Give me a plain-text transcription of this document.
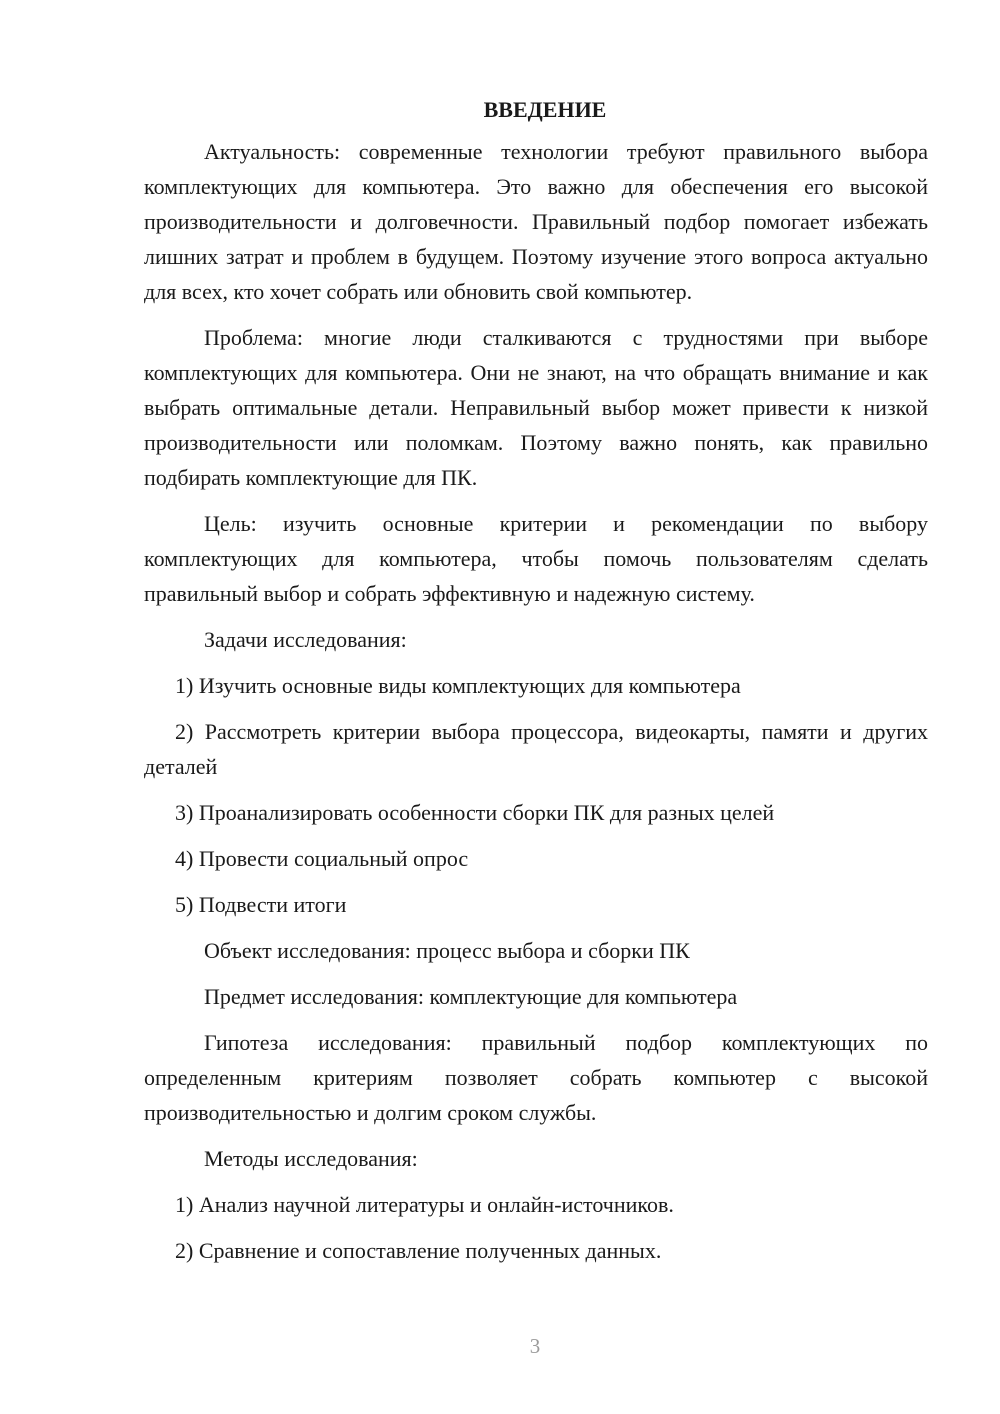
ВВЕДЕНИЕ

Актуальность: современные технологии требуют правильного выбора комплектующих для компьютера. Это важно для обеспечения его высокой производительности и долговечности. Правильный подбор помогает избежать лишних затрат и проблем в будущем. Поэтому изучение этого вопроса актуально для всех, кто хочет собрать или обновить свой компьютер.

Проблема: многие люди сталкиваются с трудностями при выборе комплектующих для компьютера. Они не знают, на что обращать внимание и как выбрать оптимальные детали. Неправильный выбор может привести к низкой производительности или поломкам. Поэтому важно понять, как правильно подбирать комплектующие для ПК.

Цель: изучить основные критерии и рекомендации по выбору комплектующих для компьютера, чтобы помочь пользователям сделать правильный выбор и собрать эффективную и надежную систему.

Задачи исследования:

1) Изучить основные виды комплектующих для компьютера

2) Рассмотреть критерии выбора процессора, видеокарты, памяти и других деталей

3) Проанализировать особенности сборки ПК для разных целей

4) Провести социальный опрос

5) Подвести итоги

Объект исследования: процесс выбора и сборки ПК

Предмет исследования: комплектующие для компьютера

Гипотеза исследования: правильный подбор комплектующих по определенным критериям позволяет собрать компьютер с высокой производительностью и долгим сроком службы.

Методы исследования:

1) Анализ научной литературы и онлайн-источников.

2) Сравнение и сопоставление полученных данных.

3
